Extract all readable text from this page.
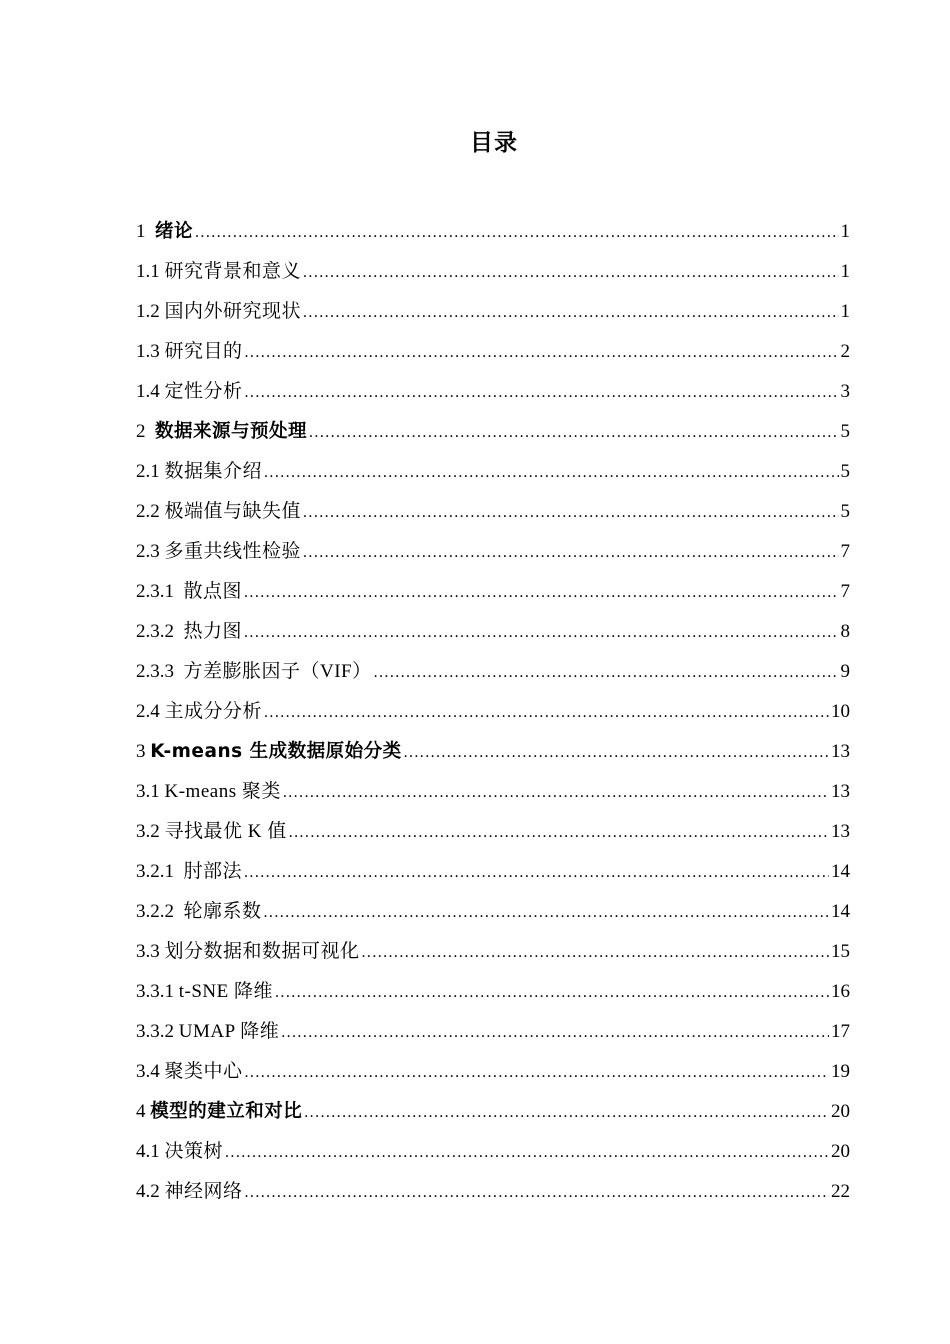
目录
1 绪论 .....	1
1.1 研究背景和意义 .....	1
1.2 国内外研究现状 .....	1
1.3 研究目的 .....	2
1.4 定性分析 .....	3
2 数据来源与预处理 .....	5
2.1 数据集介绍 .....	5
2.2 极端值与缺失值 .....	5
2.3 多重共线性检验 .....	7
2.3.1 散点图 .....	7
2.3.2 热力图 .....	8
2.3.3 方差膨胀因子（VIF） .....	9
2.4 主成分分析 .....	10
3 K-means 生成数据原始分类 .....	13
3.1 K-means 聚类 .....	13
3.2 寻找最优 K 值 .....	13
3.2.1 肘部法 .....	14
3.2.2 轮廓系数 .....	14
3.3 划分数据和数据可视化 .....	15
3.3.1 t-SNE 降维 .....	16
3.3.2 UMAP 降维 .....	17
3.4 聚类中心 .....	19
4 模型的建立和对比 .....	20
4.1 决策树 .....	20
4.2 神经网络 .....	22
